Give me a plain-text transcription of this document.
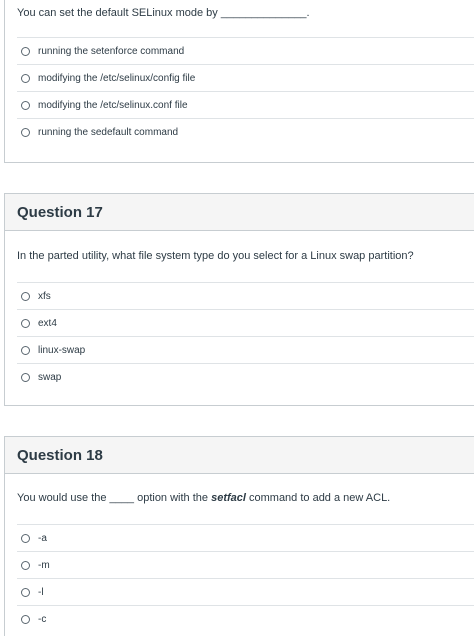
You can set the default SELinux mode by ______________.
running the setenforce command
modifying the /etc/selinux/config file
modifying the /etc/selinux.conf file
running the sedefault command
Question 17
In the parted utility, what file system type do you select for a Linux swap partition?
xfs
ext4
linux-swap
swap
Question 18
You would use the ____ option with the setfacl command to add a new ACL.
-a
-m
-l
-c
